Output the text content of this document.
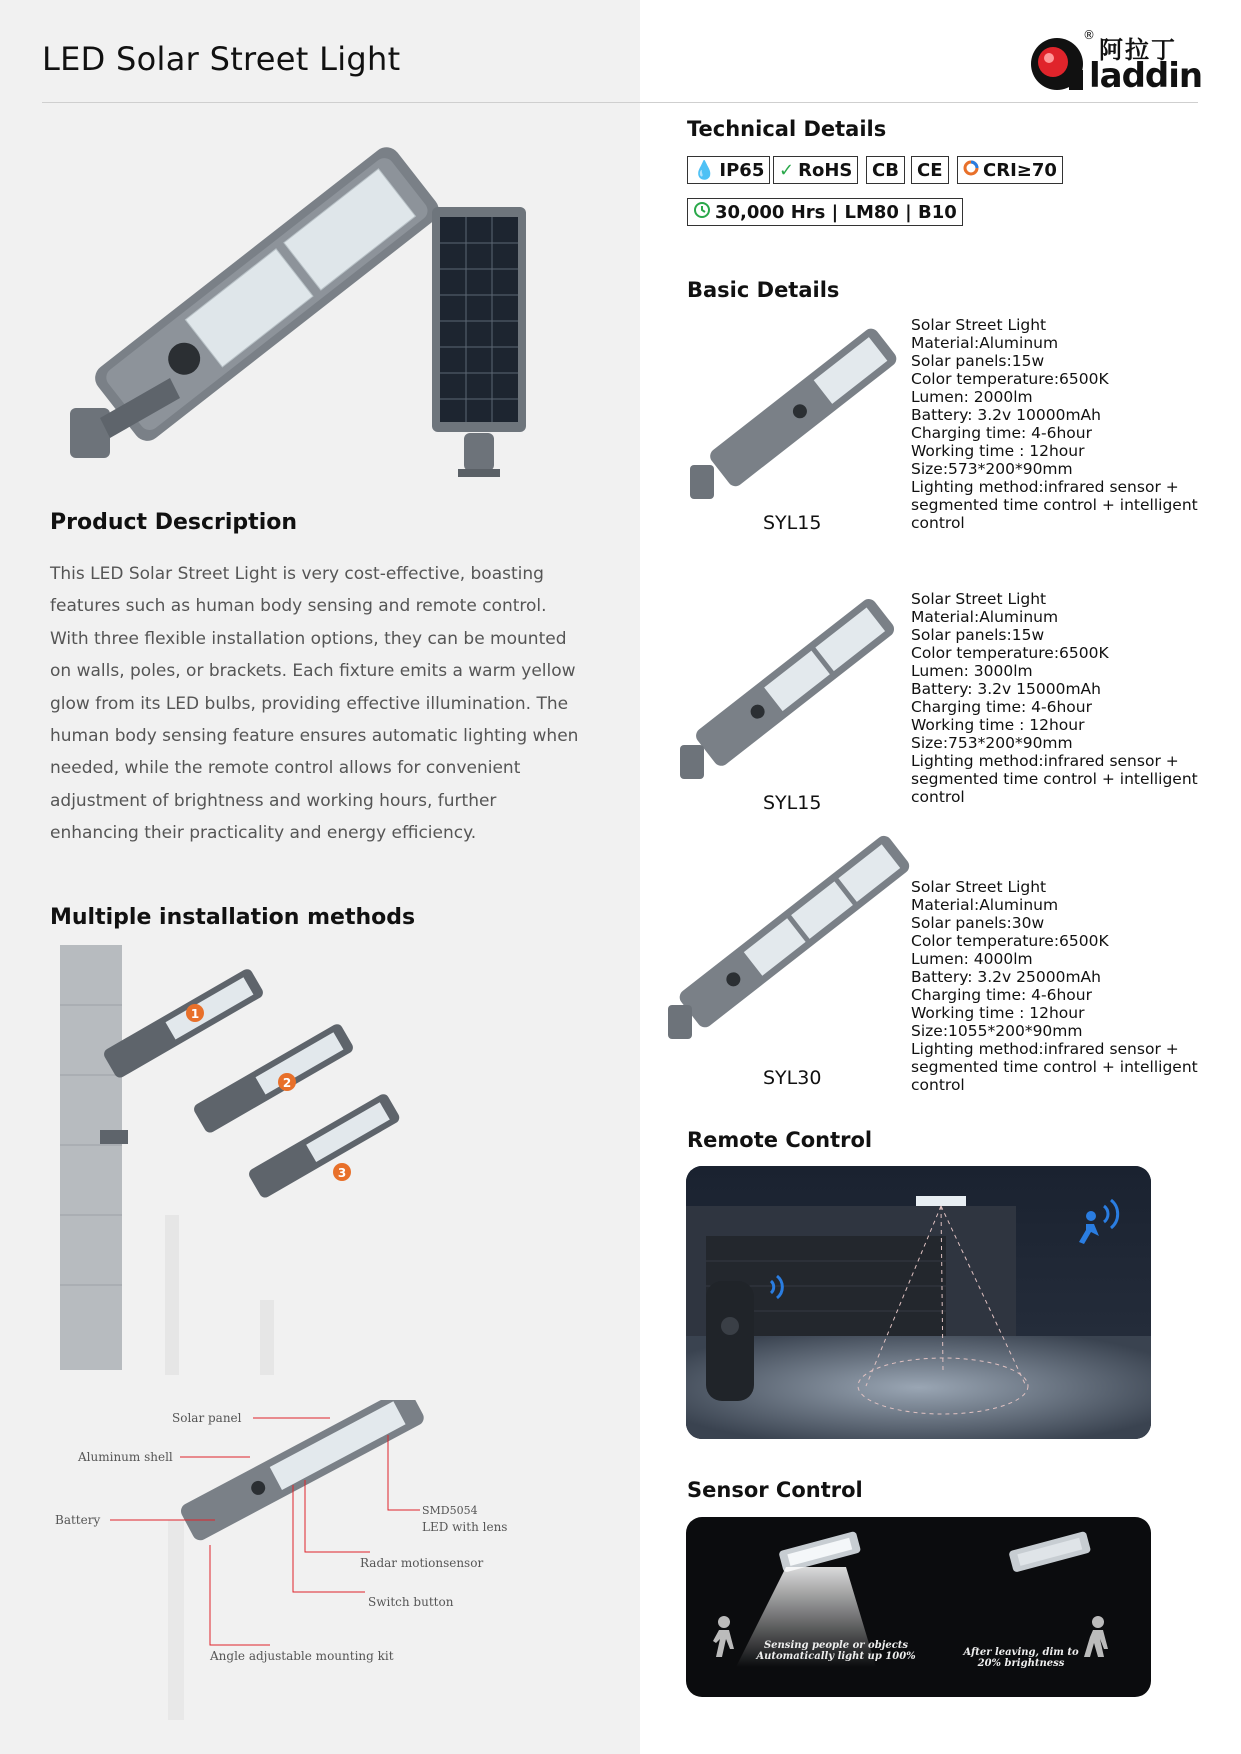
LED Solar Street Light
®
阿拉丁
laddin
Product Description

This LED Solar Street Light is very cost-effective, boasting features such as human body sensing and remote control. With three flexible installation options, they can be mounted on walls, poles, or brackets. Each fixture emits a warm yellow glow from its LED bulbs, providing effective illumination. The human body sensing feature ensures automatic lighting when needed, while the remote control allows for convenient adjustment of brightness and working hours, further enhancing their practicality and energy efficiency.

Multiple installation methods
1
2
3
Solar panel
Aluminum shell
Battery
SMD5054
LED with lens
Radar motionsensor
Switch button
Angle adjustable mounting kit
Technical Details
💧 IP65 ✓ RoHS CB CE CRI≥70
30,000 Hrs | LM80 | B10
Basic Details
SYL15
Solar Street Light
Material:Aluminum
Solar panels:15w
Color temperature:6500K
Lumen: 2000lm
Battery: 3.2v 10000mAh
Charging time: 4-6hour
Working time : 12hour
Size:573*200*90mm
Lighting method:infrared sensor +
segmented time control + intelligent
control
SYL15
Solar Street Light
Material:Aluminum
Solar panels:15w
Color temperature:6500K
Lumen: 3000lm
Battery: 3.2v 15000mAh
Charging time: 4-6hour
Working time : 12hour
Size:753*200*90mm
Lighting method:infrared sensor +
segmented time control + intelligent
control
SYL30
Solar Street Light
Material:Aluminum
Solar panels:30w
Color temperature:6500K
Lumen: 4000lm
Battery: 3.2v 25000mAh
Charging time: 4-6hour
Working time : 12hour
Size:1055*200*90mm
Lighting method:infrared sensor +
segmented time control + intelligent
control
Remote Control
Sensor Control
Sensing people or objects Automatically light up 100%	After leaving, dim to 20% brightness
